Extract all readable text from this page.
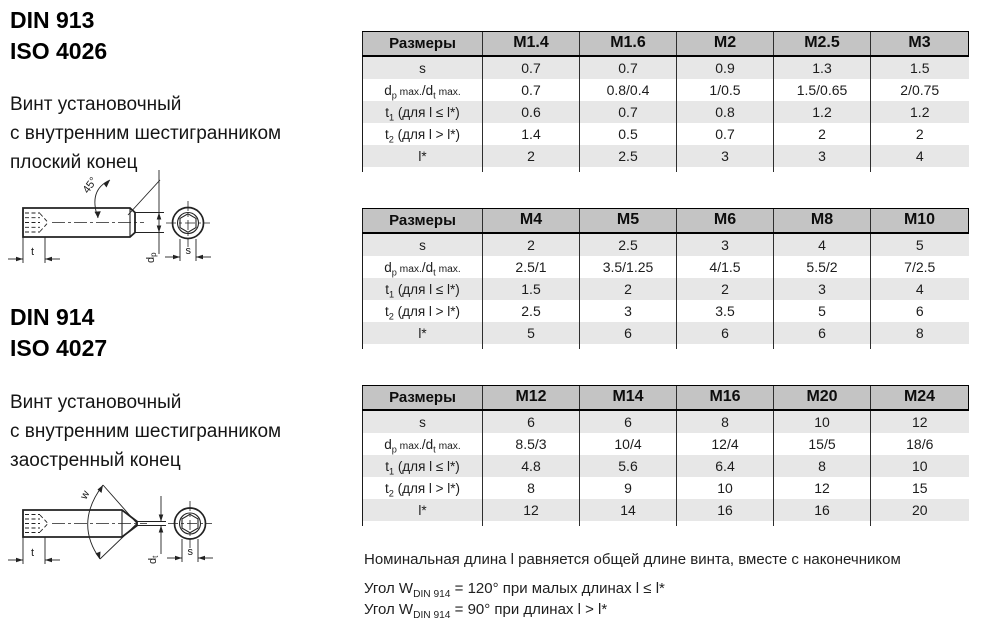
DIN 913
ISO 4026
Винт установочный
с внутренним шестигранником
плоский конец
45°
t
dp	s
DIN 914
ISO 4027
Винт установочный
с внутренним шестигранником
заостренный конец
w
t
dt	s
Размеры	M1.4	M1.6	M2	M2.5	M3
s	0.7	0.7	0.9	1.3	1.5
$d_p$ $\max./d_t$ max.	0.7	0.8/0.4	1/0.5	1.5/0.65	2/0.75
$t_1$ (для l ≤ l*)	0.6	0.7	0.8	1.2	1.2
$t_2$ (для l > l*)	1.4	0.5	0.7	2	2
l*	2	2.5	3	3	4

Размеры	M4	M5	M6	M8	M10
s	2	2.5	3	4	5
$d_p$ $\max./d_t$ max.	2.5/1	3.5/1.25	4/1.5	5.5/2	7/2.5
$t_1$ (для l ≤ l*)	1.5	2	2	3	4
$t_2$ (для l > l*)	2.5	3	3.5	5	6
l*	5	6	6	6	8

Размеры	M12	M14	M16	M20	M24
s	6	6	8	10	12
$d_p$ $\max./d_t$ max.	8.5/3	10/4	12/4	15/5	18/6
$t_1$ (для l ≤ l*)	4.8	5.6	6.4	8	10
$t_2$ (для l > l*)	8	9	10	12	15
l*	12	14	16	16	20

Номинальная длина l равняется общей длине винта, вместе с наконечником
Угол $W_{DIN 914} = 120^\circ$ при малых длинах l ≤ l*
Угол $W_{DIN 914} = 90^\circ$ при длинах l > l*
